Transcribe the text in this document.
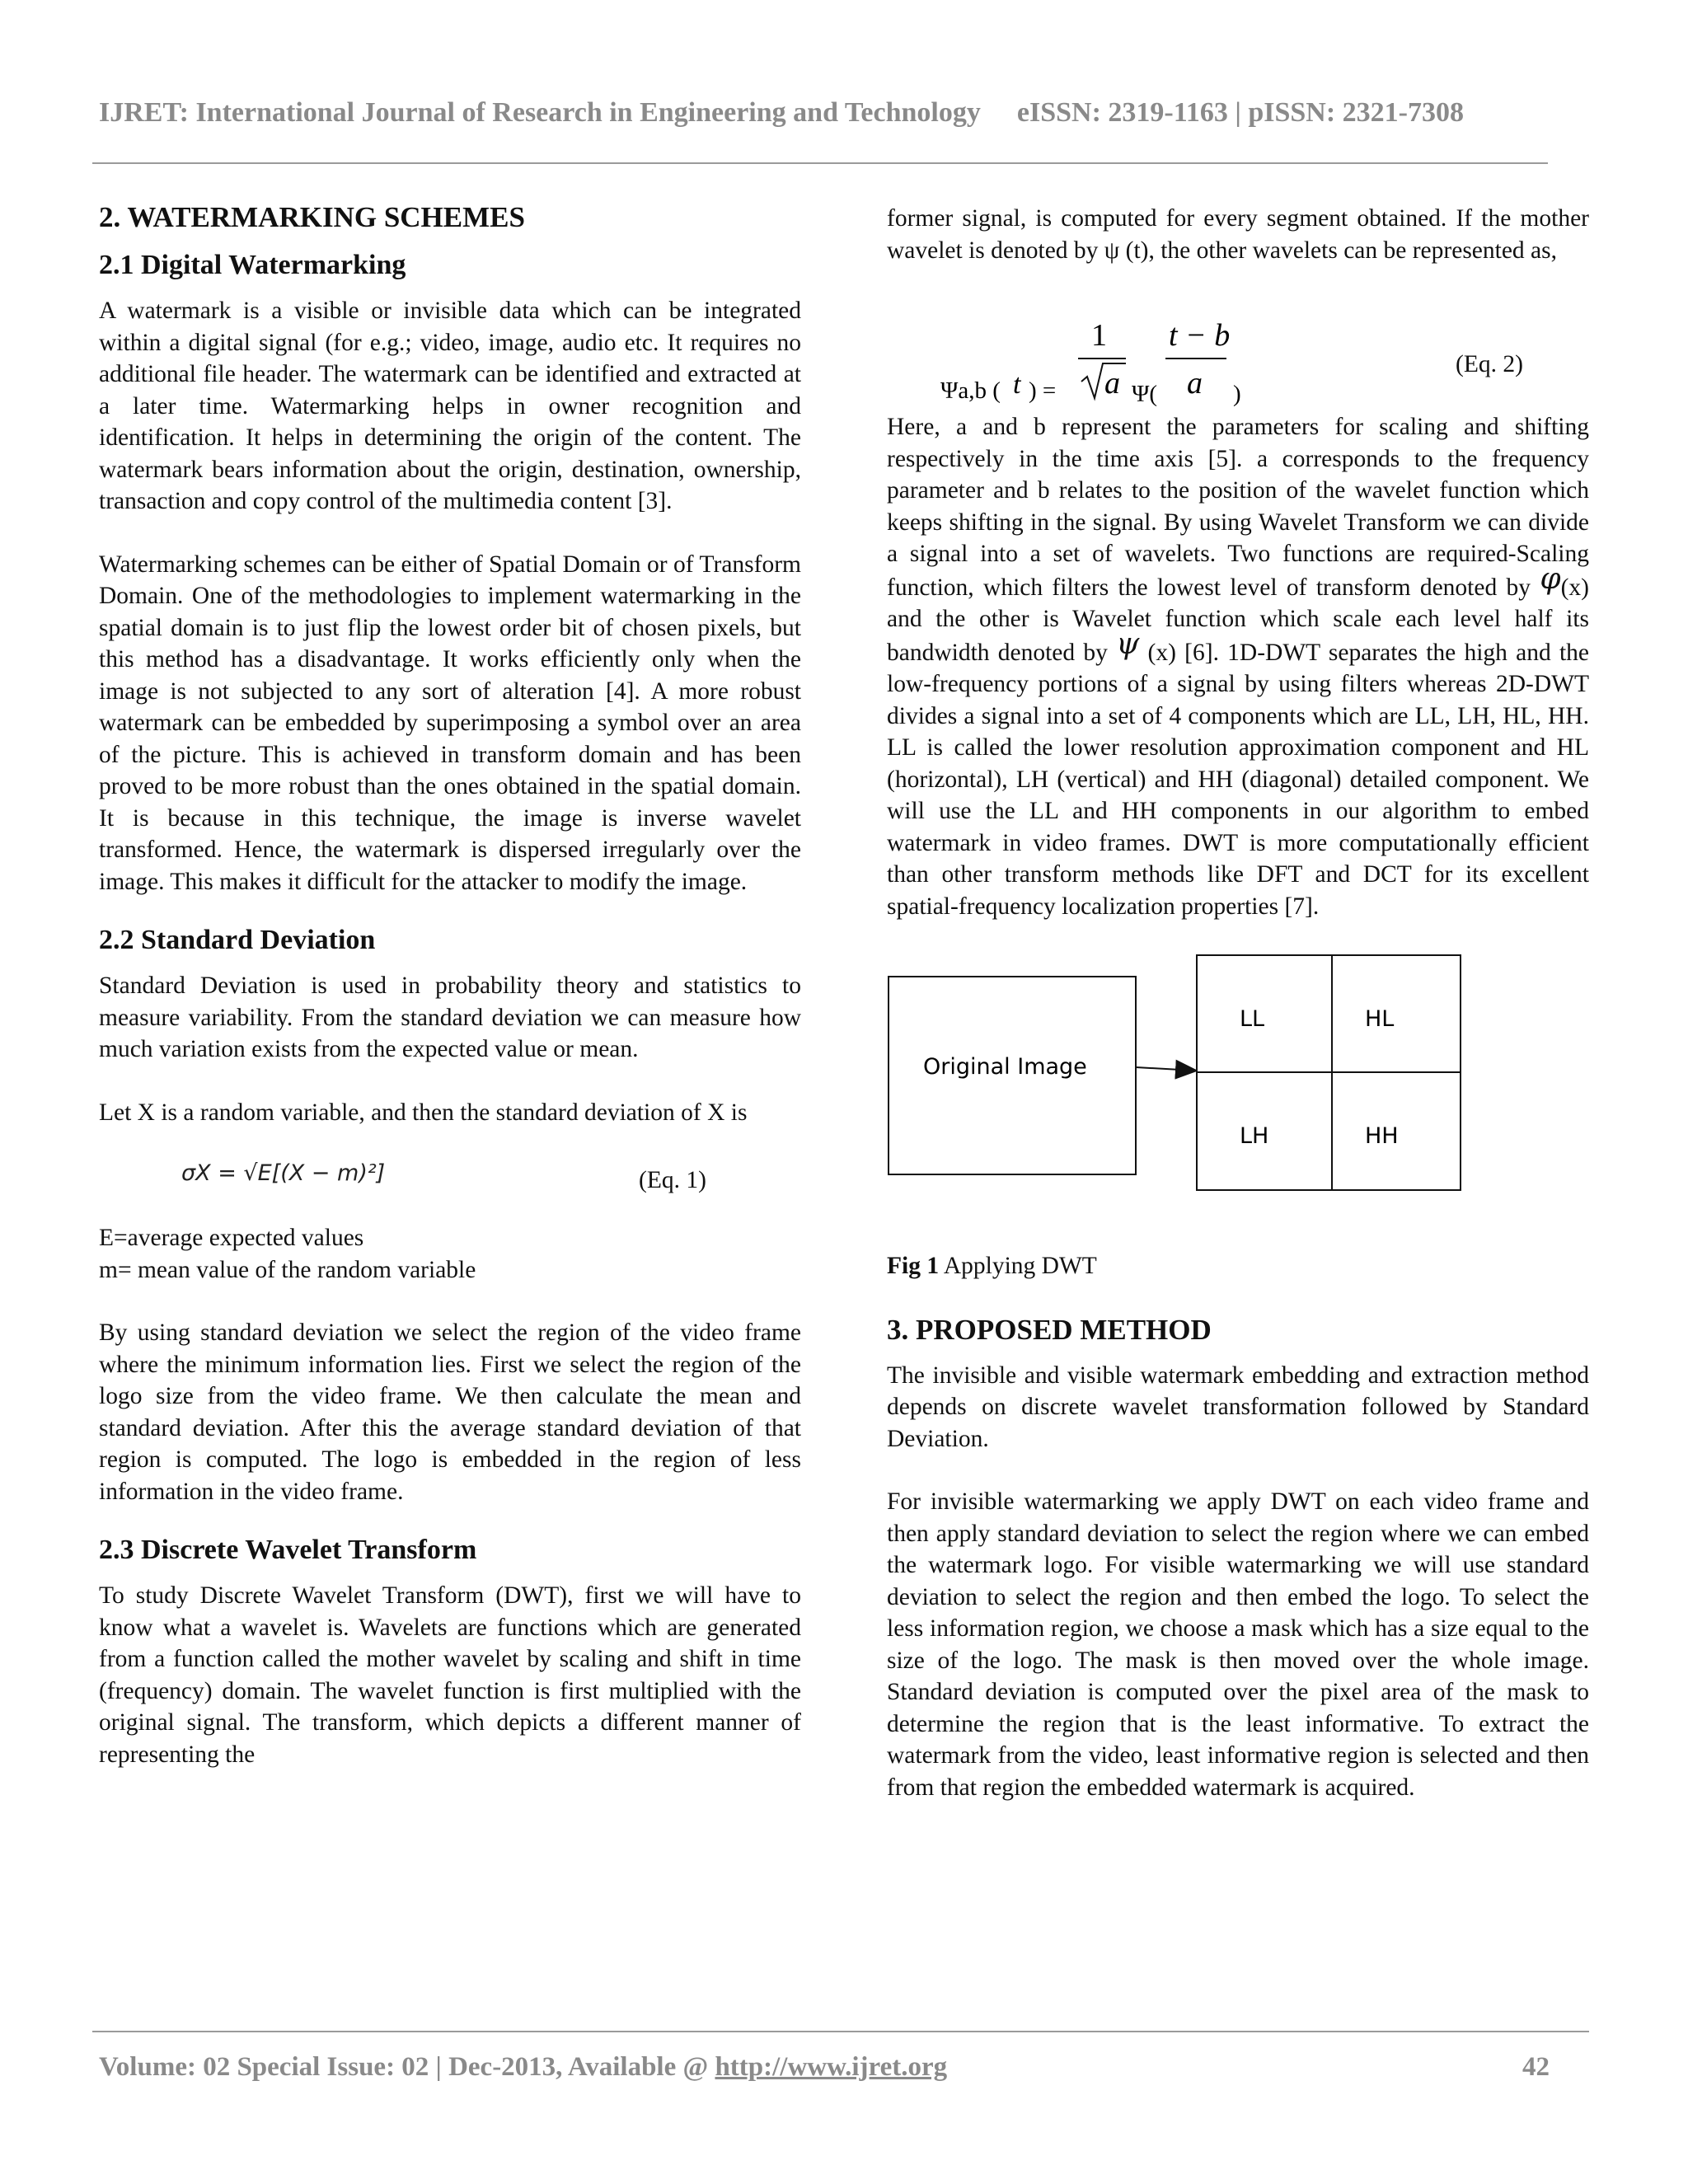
IJRET: International Journal of Research in Engineering and Technology eISSN: 2319-1163 | pISSN: 2321-7308
2. WATERMARKING SCHEMES
2.1 Digital Watermarking

A watermark is a visible or invisible data which can be integrated within a digital signal (for e.g.; video, image, audio etc. It requires no additional file header. The watermark can be identified and extracted at a later time. Watermarking helps in owner recognition and identification. It helps in determining the origin of the content. The watermark bears information about the origin, destination, ownership, transaction and copy control of the multimedia content [3].

Watermarking schemes can be either of Spatial Domain or of Transform Domain. One of the methodologies to implement watermarking in the spatial domain is to just flip the lowest order bit of chosen pixels, but this method has a disadvantage. It works efficiently only when the image is not subjected to any sort of alteration [4]. A more robust watermark can be embedded by superimposing a symbol over an area of the picture. This is achieved in transform domain and has been proved to be more robust than the ones obtained in the spatial domain. It is because in this technique, the image is inverse wavelet transformed. Hence, the watermark is dispersed irregularly over the image. This makes it difficult for the attacker to modify the image.

2.2 Standard Deviation

Standard Deviation is used in probability theory and statistics to measure variability. From the standard deviation we can measure how much variation exists from the expected value or mean.

Let X is a random variable, and then the standard deviation of X is

σX = √E[(X − m)²]	(Eq. 1)

E=average expected values

m= mean value of the random variable

By using standard deviation we select the region of the video frame where the minimum information lies. First we select the region of the logo size from the video frame. We then calculate the mean and standard deviation. After this the average standard deviation of that region is computed. The logo is embedded in the region of less information in the video frame.

2.3 Discrete Wavelet Transform

To study Discrete Wavelet Transform (DWT), first we will have to know what a wavelet is. Wavelets are functions which are generated from a function called the mother wavelet by scaling and shift in time (frequency) domain. The wavelet function is first multiplied with the original signal. The transform, which depicts a different manner of representing the

former signal, is computed for every segment obtained. If the mother wavelet is denoted by ψ (t), the other wavelets can be represented as,

Ψa,b ( t ) =
1
a Ψ(
t − b
a )
(Eq. 2)

Here, a and b represent the parameters for scaling and shifting respectively in the time axis [5]. a corresponds to the frequency parameter and b relates to the position of the wavelet function which keeps shifting in the signal. By using Wavelet Transform we can divide a signal into a set of wavelets. Two functions are required-Scaling function, which filters the lowest level of transform denoted by φ(x) and the other is Wavelet function which scale each level half its bandwidth denoted by ψ (x) [6]. 1D-DWT separates the high and the low-frequency portions of a signal by using filters whereas 2D-DWT divides a signal into a set of 4 components which are LL, LH, HL, HH. LL is called the lower resolution approximation component and HL (horizontal), LH (vertical) and HH (diagonal) detailed component. We will use the LL and HH components in our algorithm to embed watermark in video frames. DWT is more computationally efficient than other transform methods like DFT and DCT for its excellent spatial-frequency localization properties [7].

Original Image
LL	HL
LH	HH

Fig 1 Applying DWT

3. PROPOSED METHOD

The invisible and visible watermark embedding and extraction method depends on discrete wavelet transformation followed by Standard Deviation.

For invisible watermarking we apply DWT on each video frame and then apply standard deviation to select the region where we can embed the watermark logo. For visible watermarking we will use standard deviation to select the region and then embed the logo. To select the less information region, we choose a mask which has a size equal to the size of the logo. The mask is then moved over the whole image. Standard deviation is computed over the pixel area of the mask to determine the region that is the least informative. To extract the watermark from the video, least informative region is selected and then from that region the embedded watermark is acquired.

Volume: 02 Special Issue: 02 | Dec-2013, Available @ http://www.ijret.org	42
